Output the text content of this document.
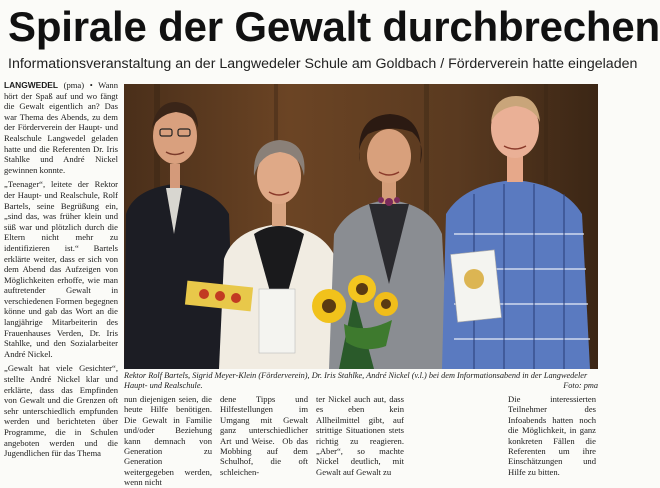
Spirale der Gewalt durchbrechen
Informationsveranstaltung an der Langwedeler Schule am Goldbach / Förderverein hatte eingeladen

LANGWEDEL (pma) • Wann hört der Spaß auf und wo fängt die Gewalt eigentlich an? Das war Thema des Abends, zu dem der Förderverein der Haupt- und Realschule Langwedel geladen hatte und die Referenten Dr. Iris Stahlke und André Nickel gewinnen konnte.

„Teenager“, leitete der Rektor der Haupt- und Realschule, Rolf Bartels, seine Begrüßung ein, „sind das, was früher klein und süß war und plötzlich durch die Eltern nicht mehr zu identifizieren ist.“ Bartels erklärte weiter, dass er sich von dem Abend das Aufzeigen von Möglichkeiten erhoffe, wie man auftretender Gewalt in verschiedenen Formen begegnen könne und gab das Wort an die langjährige Mitarbeiterin des Frauenhauses Verden, Dr. Iris Stahlke, und den Sozialarbeiter André Nickel.

„Gewalt hat viele Gesichter“, stellte André Nickel klar und erklärte, dass das Empfinden von Gewalt und die Grenzen oft sehr unterschiedlich empfunden werden und berichteten über Programme, die in Schulen angeboten werden und die Jugendlichen für das Thema

Rektor Rolf Bartels, Sigrid Meyer-Klein (Förderverein), Dr. Iris Stahlke, André Nickel (v.l.) bei dem Informationsabend in der Langwedeler Haupt- und Realschule.	Foto: pma

nun diejenigen seien, die heute Hilfe benötigen. Die Gewalt in Familie und/oder Beziehung kann demnach von Generation zu Generation weitergegeben werden, wenn nicht

dene Tipps und Hilfestellungen im Umgang mit Gewalt ganz unterschiedlicher Art und Weise.  Ob das Mobbing auf dem Schulhof, die oft schleichen-

ter Nickel auch aut, dass es eben kein Allheilmittel gibt, auf strittige Situationen stets richtig zu reagieren. „Aber“, so machte Nickel deutlich, mit Gewalt auf Gewalt zu

Die interessierten Teilnehmer des Infoabends hatten noch die Möglichkeit, in ganz konkreten Fällen die Referenten um ihre Einschätzungen und Hilfe zu bitten.
